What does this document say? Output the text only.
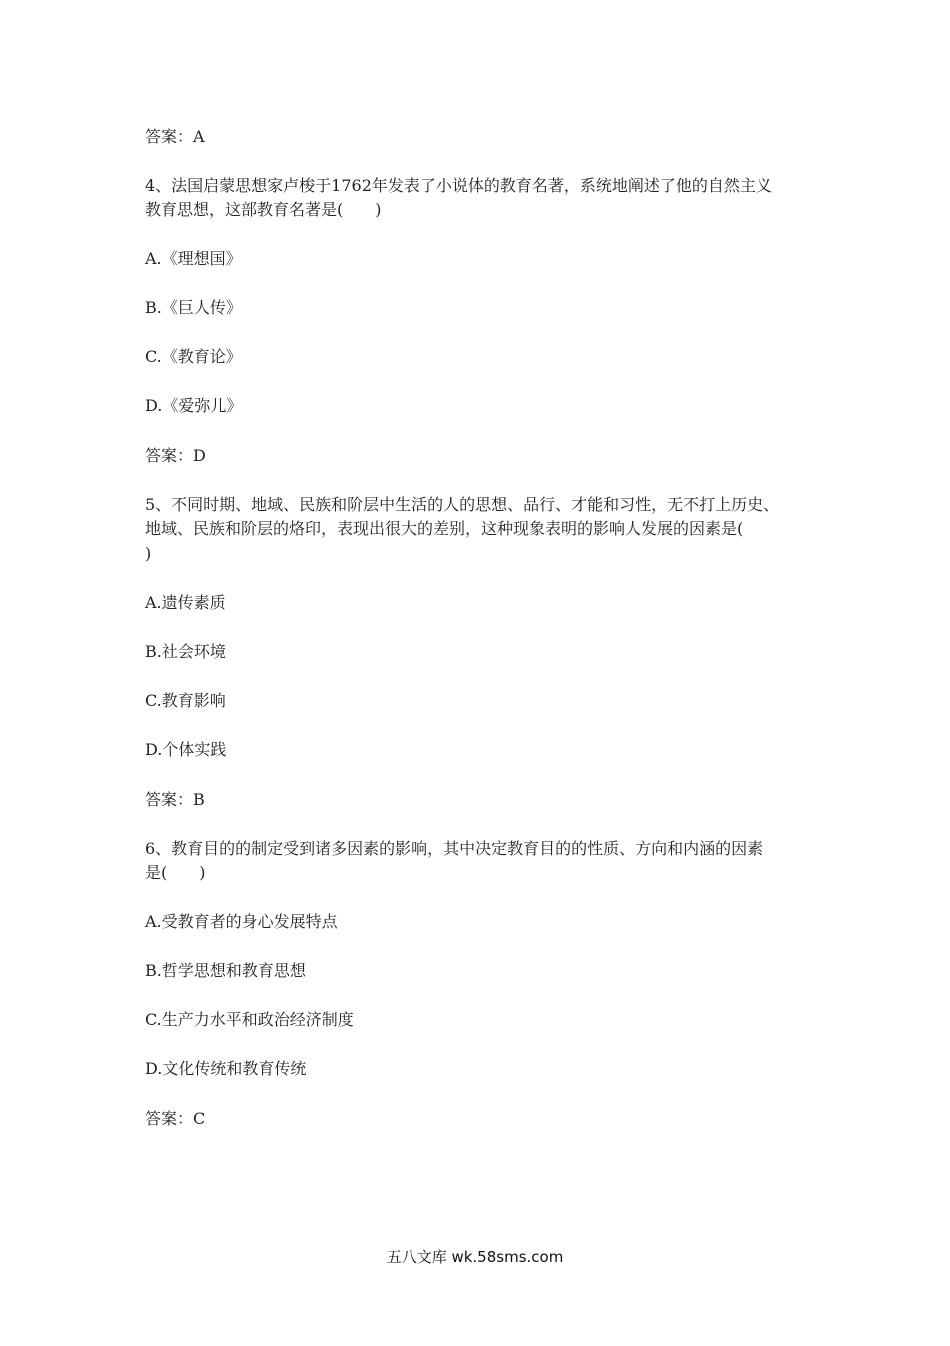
答案：A

4、法国启蒙思想家卢梭于1762年发表了小说体的教育名著，系统地阐述了他的自然主义

教育思想，这部教育名著是(　　)

A.《理想国》

B.《巨人传》

C.《教育论》

D.《爱弥儿》

答案：D

5、不同时期、地域、民族和阶层中生活的人的思想、品行、才能和习性，无不打上历史、

地域、民族和阶层的烙印，表现出很大的差别，这种现象表明的影响人发展的因素是(

)

A.遗传素质

B.社会环境

C.教育影响

D.个体实践

答案：B

6、教育目的的制定受到诸多因素的影响，其中决定教育目的的性质、方向和内涵的因素

是(　　)

A.受教育者的身心发展特点

B.哲学思想和教育思想

C.生产力水平和政治经济制度

D.文化传统和教育传统

答案：C

五八文库 wk.58sms.com
